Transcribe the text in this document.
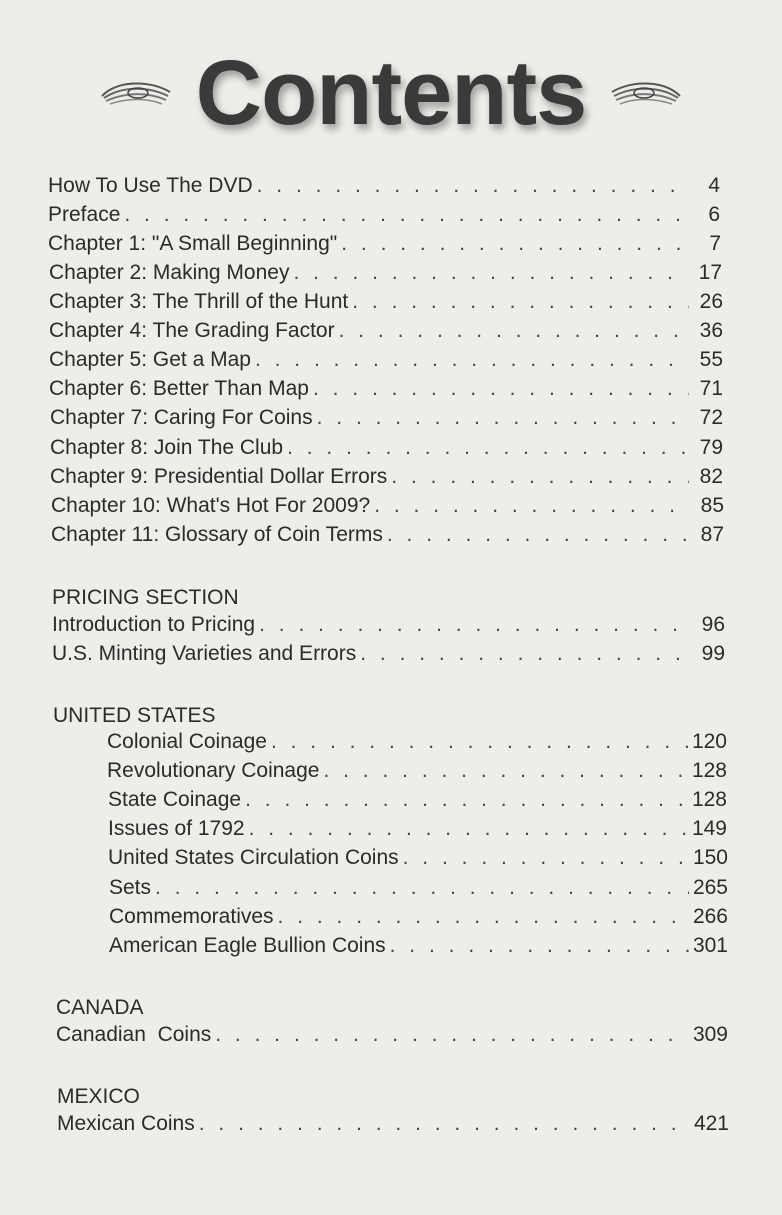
Contents
How To Use The DVD . . .	4
Preface . . .	6
Chapter 1: "A Small Beginning" . . .	7
Chapter 2: Making Money . . .	17
Chapter 3: The Thrill of the Hunt . . .	26
Chapter 4: The Grading Factor . . .	36
Chapter 5: Get a Map . . .	55
Chapter 6: Better Than Map . . .	71
Chapter 7: Caring For Coins . . .	72
Chapter 8: Join The Club . . .	79
Chapter 9: Presidential Dollar Errors . . .	82
Chapter 10: What's Hot For 2009? . . .	85
Chapter 11: Glossary of Coin Terms . . .	87
PRICING SECTION
Introduction to Pricing . . .	96
U.S. Minting Varieties and Errors . . .	99
UNITED STATES
Colonial Coinage . . .	120
Revolutionary Coinage . . .	128
State Coinage . . .	128
Issues of 1792 . . .	149
United States Circulation Coins . . .	150
Sets . . .	265
Commemoratives . . .	266
American Eagle Bullion Coins . . .	301
CANADA
Canadian  Coins . . .	309
MEXICO
Mexican Coins . . .	421
